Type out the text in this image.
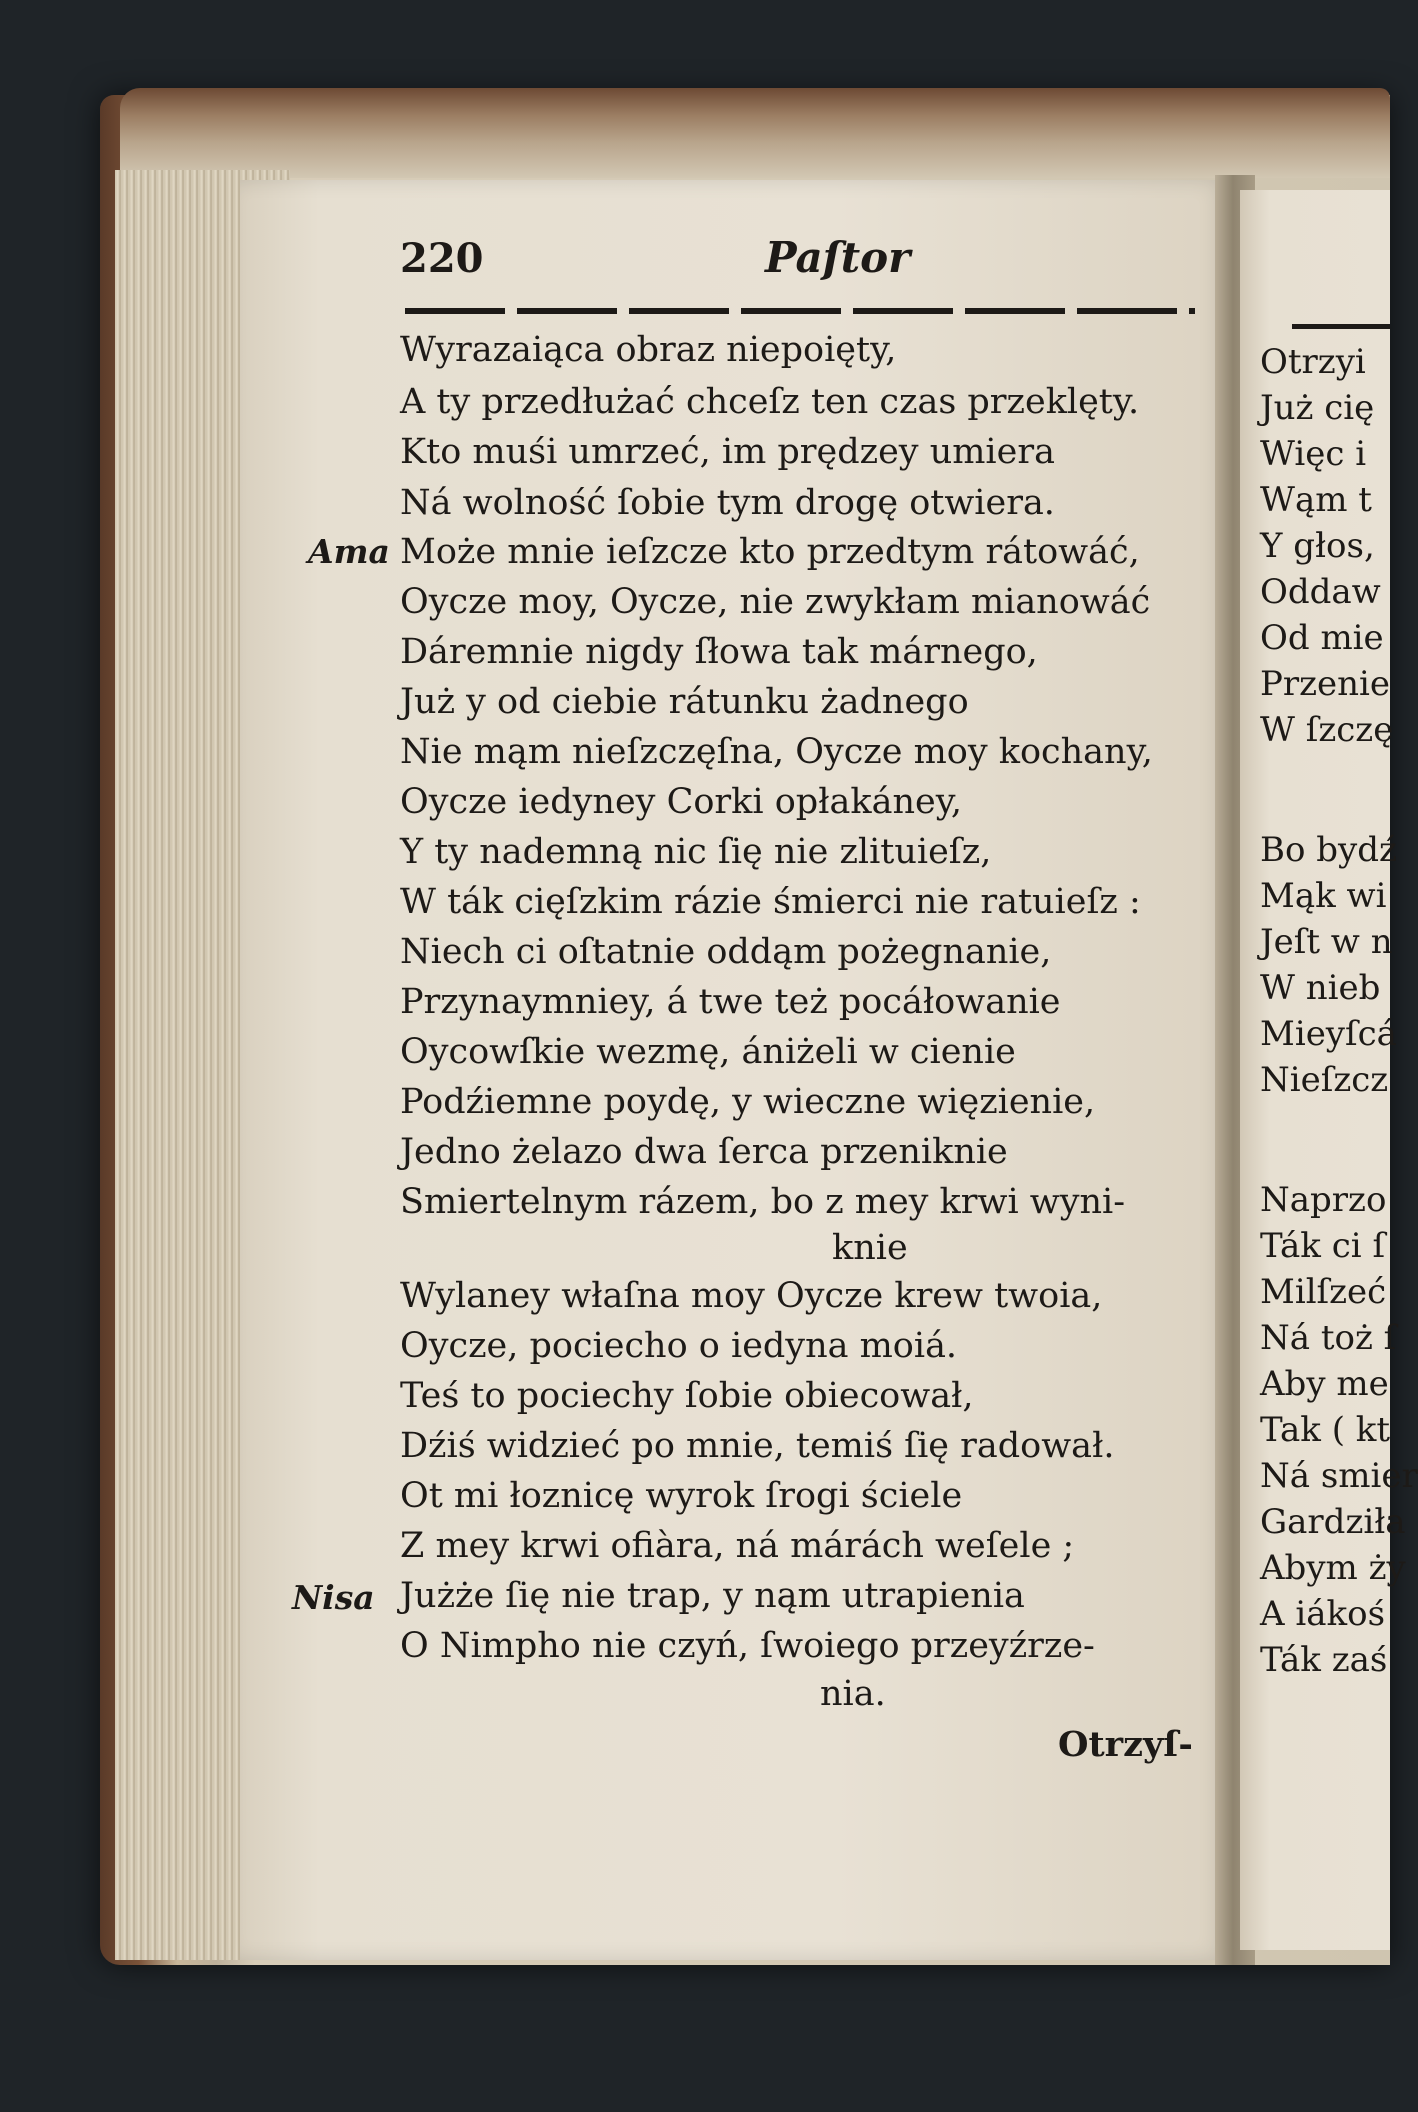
220	Paſtor
Wyrazaiąca obraz niepoięty,
A ty przedłużać chceſz ten czas przeklęty.
Kto muśi umrzeć, im prędzey umiera
Ná wolność ſobie tym drogę otwiera.
Ama Może mnie ieſzcze kto przedtym rátowáć,
Oycze moy, Oycze, nie zwykłam mianowáć
Dáremnie nigdy ſłowa tak márnego,
Już y od ciebie rátunku żadnego
Nie mąm nieſzczęſna, Oycze moy kochany,
Oycze iedyney Corki opłakáney,
Y ty nademną nic ſię nie zlituieſz,
W ták cięſzkim rázie śmierci nie ratuieſz :
Niech ci oſtatnie oddąm pożegnanie,
Przynaymniey, á twe też pocáłowanie
Oycowſkie wezmę, ániżeli w cienie
Podźiemne poydę, y wieczne więzienie,
Jedno żelazo dwa ſerca przeniknie
Smiertelnym rázem, bo z mey krwi wyni-
knie
Wylaney właſna moy Oycze krew twoia,
Oycze, pociecho o iedyna moiá.
Teś to pociechy ſobie obiecował,
Dźiś widzieć po mnie, temiś ſię radował.
Ot mi łoznicę wyrok ſrogi ściele
Z mey krwi ofiàra, ná márách weſele ;
Nisa Jużże ſię nie trap, y nąm utrapienia
O Nimpho nie czyń, ſwoiego przeyźrze-
nia.
Otrzyſ-
Otrzyi
Już cię
Więc i
Wąm t
Y głos,
Oddaw
Od mie
Przenie
W ſzczę
Bo bydź
Mąk wi
Jeſt w n
W nieb
Mieyſcá
Nieſzcz
Naprzo
Ták ci ſ
Milſzeć
Ná toż ſ
Aby me
Tak ( kt
Ná smier
Gardziła
Abym ży
A iákoś
Ták zaś
